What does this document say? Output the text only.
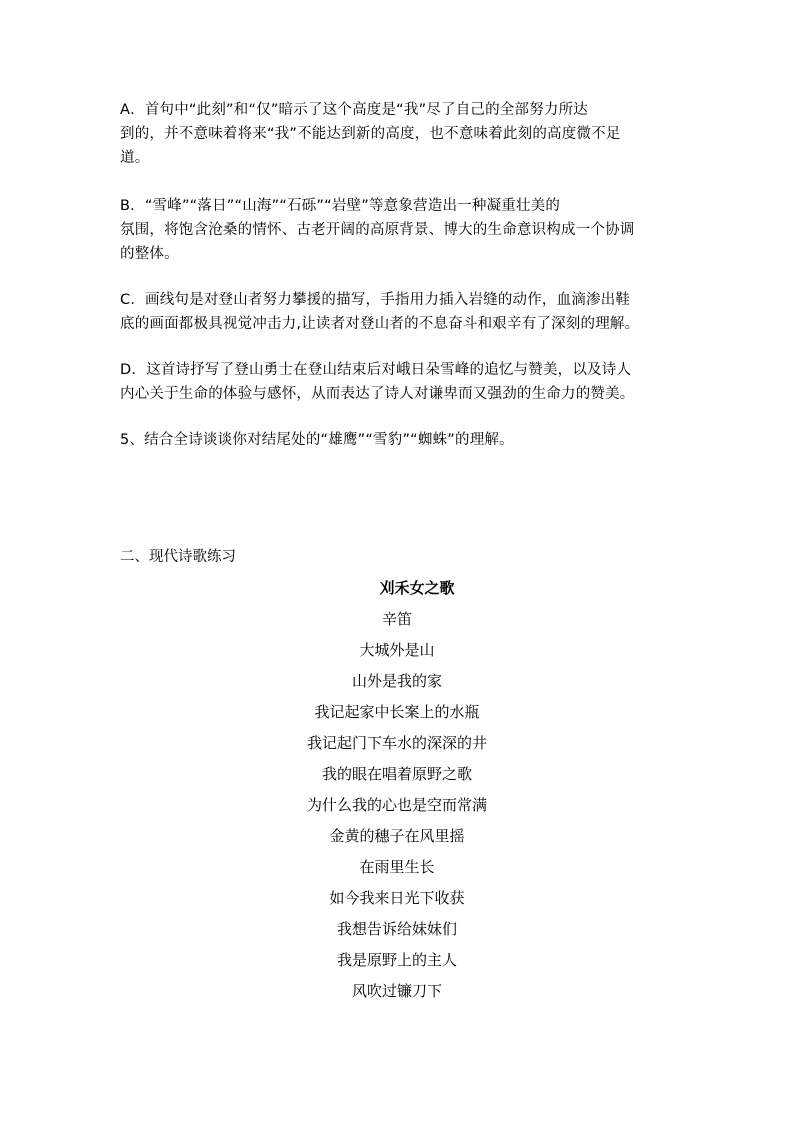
A．首句中“此刻”和“仅”暗示了这个高度是“我”尽了自己的全部努力所达
到的，并不意味着将来“我”不能达到新的高度，也不意味着此刻的高度微不足
道。
B．“雪峰”“落日”“山海”“石砾”“岩壁”等意象营造出一种凝重壮美的
氛围，将饱含沧桑的情怀、古老开阔的高原背景、博大的生命意识构成一个协调
的整体。
C．画线句是对登山者努力攀援的描写，手指用力插入岩缝的动作，血滴渗出鞋
底的画面都极具视觉冲击力,让读者对登山者的不息奋斗和艰辛有了深刻的理解。
D．这首诗抒写了登山勇士在登山结束后对峨日朵雪峰的追忆与赞美，以及诗人
内心关于生命的体验与感怀，从而表达了诗人对谦卑而又强劲的生命力的赞美。
5、结合全诗谈谈你对结尾处的“雄鹰”“雪豹”“蜘蛛”的理解。
二、现代诗歌练习
刈禾女之歌
辛笛
大城外是山
山外是我的家
我记起家中长案上的水瓶
我记起门下车水的深深的井
我的眼在唱着原野之歌
为什么我的心也是空而常满
金黄的穗子在风里摇
在雨里生长
如今我来日光下收获
我想告诉给妹妹们
我是原野上的主人
风吹过镰刀下
